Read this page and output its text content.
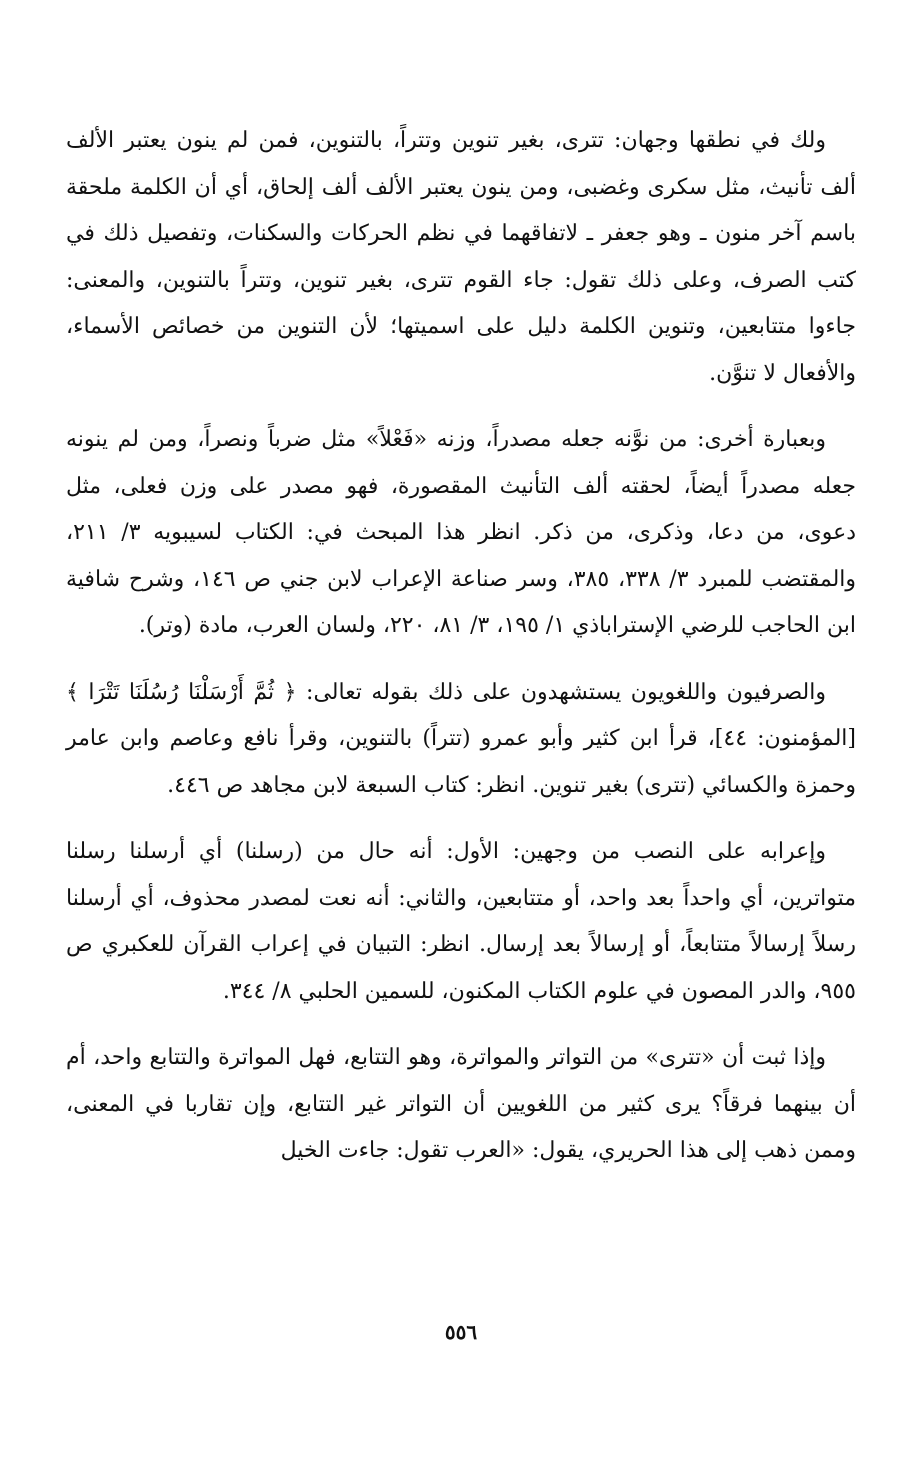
ولك في نطقها وجهان: تترى، بغير تنوين وتتراً، بالتنوين، فمن لم ينون يعتبر الألف ألف تأنيث، مثل سكرى وغضبى، ومن ينون يعتبر الألف ألف إلحاق، أي أن الكلمة ملحقة باسم آخر منون ـ وهو جعفر ـ لاتفاقهما في نظم الحركات والسكنات، وتفصيل ذلك في كتب الصرف، وعلى ذلك تقول: جاء القوم تترى، بغير تنوين، وتتراً بالتنوين، والمعنى: جاءوا متتابعين، وتنوين الكلمة دليل على اسميتها؛ لأن التنوين من خصائص الأسماء، والأفعال لا تنوَّن.

وبعبارة أخرى: من نوَّنه جعله مصدراً، وزنه «فَعْلاً» مثل ضرباً ونصراً، ومن لم ينونه جعله مصدراً أيضاً، لحقته ألف التأنيث المقصورة، فهو مصدر على وزن فعلى، مثل دعوى، من دعا، وذكرى، من ذكر. انظر هذا المبحث في: الكتاب لسيبويه ٣/ ٢١١، والمقتضب للمبرد ٣/ ٣٣٨، ٣٨٥، وسر صناعة الإعراب لابن جني ص ١٤٦، وشرح شافية ابن الحاجب للرضي الإستراباذي ١/ ١٩٥، ٣/ ٨١، ٢٢٠، ولسان العرب، مادة (وتر).

والصرفيون واللغويون يستشهدون على ذلك بقوله تعالى: ﴿ ثُمَّ أَرْسَلْنَا رُسُلَنَا تَتْرَا ﴾ [المؤمنون: ٤٤]، قرأ ابن كثير وأبو عمرو (تتراً) بالتنوين، وقرأ نافع وعاصم وابن عامر وحمزة والكسائي (تترى) بغير تنوين. انظر: كتاب السبعة لابن مجاهد ص ٤٤٦.

وإعرابه على النصب من وجهين: الأول: أنه حال من (رسلنا) أي أرسلنا رسلنا متواترين، أي واحداً بعد واحد، أو متتابعين، والثاني: أنه نعت لمصدر محذوف، أي أرسلنا رسلاً إرسالاً متتابعاً، أو إرسالاً بعد إرسال. انظر: التبيان في إعراب القرآن للعكبري ص ٩٥٥، والدر المصون في علوم الكتاب المكنون، للسمين الحلبي ٨/ ٣٤٤.

وإذا ثبت أن «تترى» من التواتر والمواترة، وهو التتابع، فهل المواترة والتتابع واحد، أم أن بينهما فرقاً؟ يرى كثير من اللغويين أن التواتر غير التتابع، وإن تقاربا في المعنى، وممن ذهب إلى هذا الحريري، يقول: «العرب تقول: جاءت الخيل

٥٥٦
